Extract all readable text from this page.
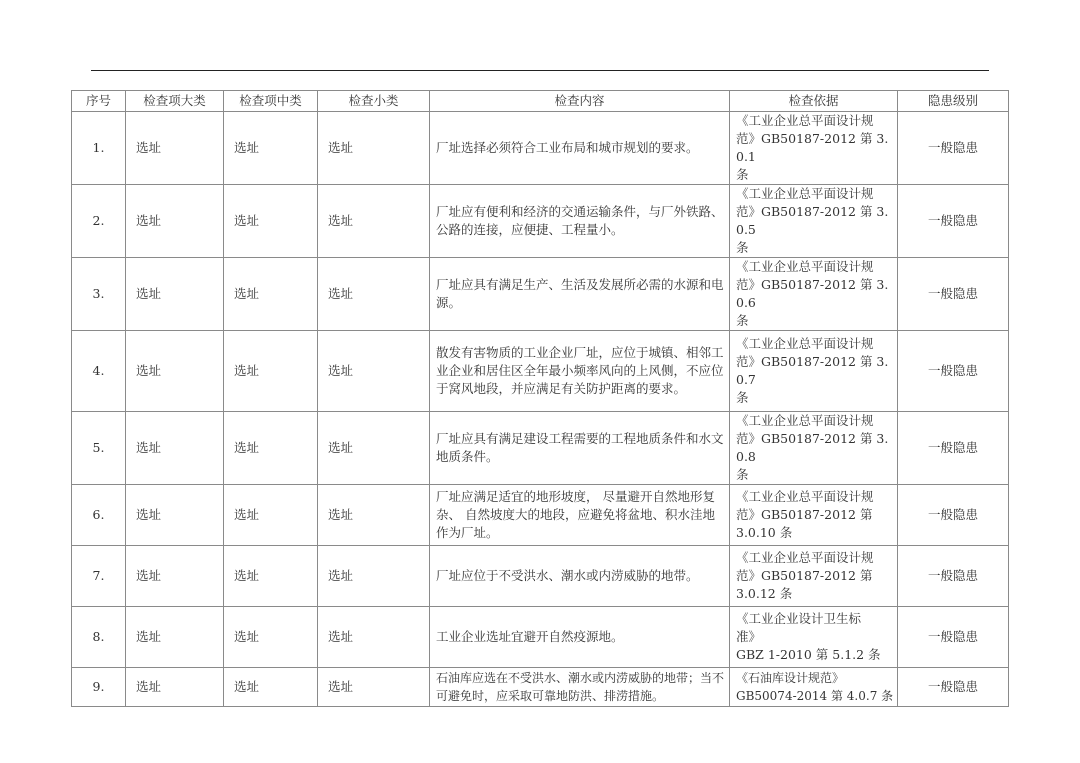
序号	检查项大类	检查项中类	检查小类	检查内容	检查依据	隐患级别
1.	选址	选址	选址	厂址选择必须符合工业布局和城市规划的要求。	《工业企业总平面设计规
范》GB50187-2012 第 3.0.1
条	一般隐患
2.	选址	选址	选址	厂址应有便利和经济的交通运输条件，与厂外铁路、公路的连接，应便捷、工程量小。	《工业企业总平面设计规
范》GB50187-2012 第 3.0.5
条	一般隐患
3.	选址	选址	选址	厂址应具有满足生产、生活及发展所必需的水源和电源。	《工业企业总平面设计规
范》GB50187-2012 第 3.0.6
条	一般隐患
4.	选址	选址	选址	散发有害物质的工业企业厂址，应位于城镇、相邻工业企业和居住区全年最小频率风向的上风侧，不应位于窝风地段，并应满足有关防护距离的要求。	《工业企业总平面设计规
范》GB50187-2012 第 3.0.7
条	一般隐患
5.	选址	选址	选址	厂址应具有满足建设工程需要的工程地质条件和水文地质条件。	《工业企业总平面设计规
范》GB50187-2012 第 3.0.8
条	一般隐患
6.	选址	选址	选址	厂址应满足适宜的地形坡度， 尽量避开自然地形复杂、 自然坡度大的地段，应避免将盆地、积水洼地作为厂址。	《工业企业总平面设计规
范》GB50187-2012 第
3.0.10 条	一般隐患
7.	选址	选址	选址	厂址应位于不受洪水、潮水或内涝威胁的地带。	《工业企业总平面设计规
范》GB50187-2012 第
3.0.12 条	一般隐患
8.	选址	选址	选址	工业企业选址宜避开自然疫源地。	《工业企业设计卫生标
准》
GBZ 1-2010 第 5.1.2 条	一般隐患
9.	选址	选址	选址	石油库应选在不受洪水、潮水或内涝威胁的地带；当不可避免时，应采取可靠地防洪、排涝措施。	《石油库设计规范》
GB50074-2014 第 4.0.7 条	一般隐患
